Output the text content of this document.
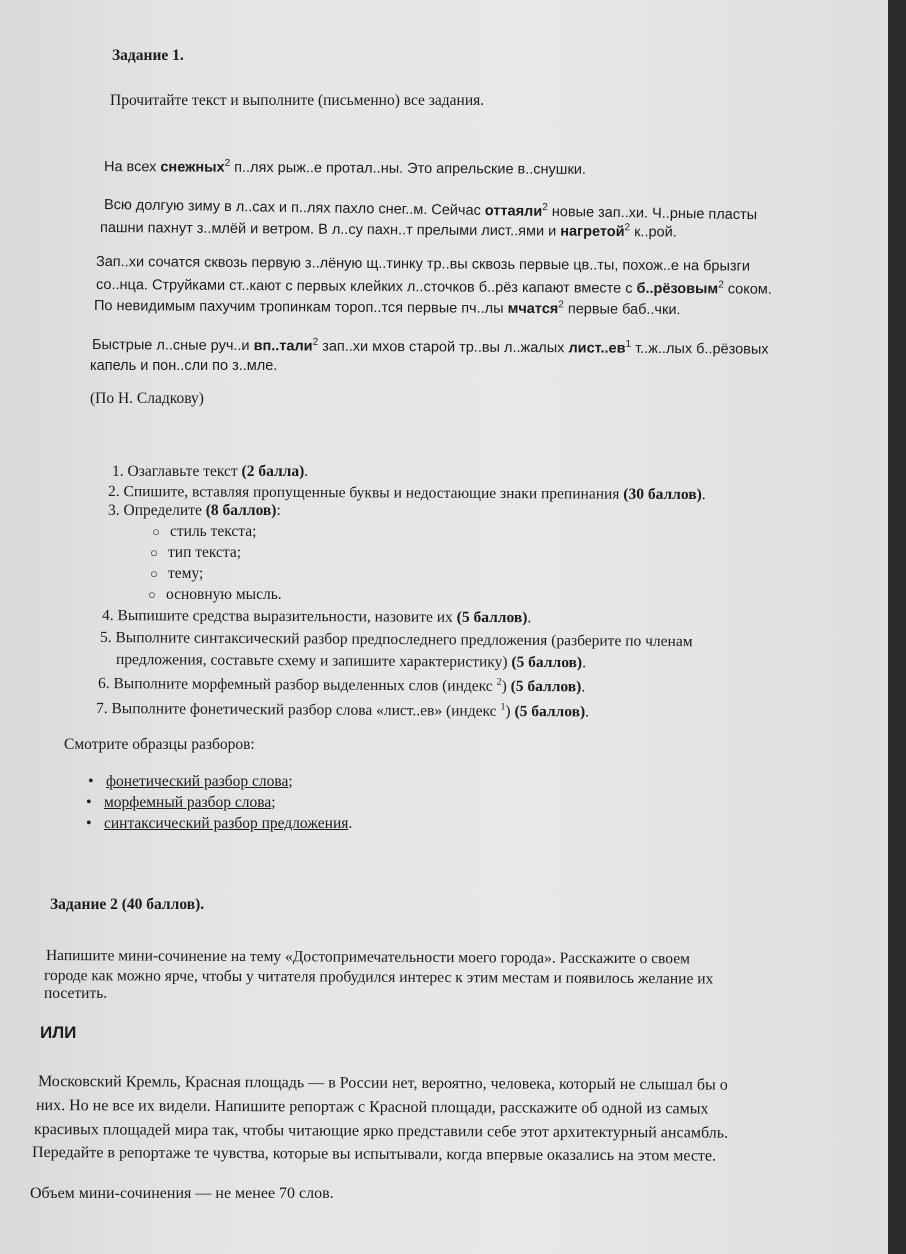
Задание 1.
Прочитайте текст и выполните (письменно) все задания.
На всех снежных$^2$ п..лях рыж..е протал..ны. Это апрельские в..снушки.
Всю долгую зиму в л..сах и п..лях пахло снег..м. Сейчас оттаяли$^2$ новые зап..хи. Ч..рные пласты
пашни пахнут з..млёй и ветром. В л..су пахн..т прелыми лист..ями и нагретой$^2$ к..рой.
Зап..хи сочатся сквозь первую з..лёную щ..тинку тр..вы сквозь первые цв..ты, похож..е на брызги
со..нца. Струйками ст..кают с первых клейких л..сточков б..рёз капают вместе с б..рёзовым$^2$ соком.
По невидимым пахучим тропинкам тороп..тся первые пч..лы мчатся$^2$ первые баб..чки.
Быстрые л..сные руч..и вп..тали$^2$ зап..хи мхов старой тр..вы л..жалых $лист..ев^1$ т..ж..лых б..рёзовых
капель и пон..сли по з..мле.
(По Н. Сладкову)
1. Озаглавьте текст (2 балла).
2. Спишите, вставляя пропущенные буквы и недостающие знаки препинания (30 баллов).
3. Определите (8 баллов):
○ стиль текста;
○ тип текста;
○ тему;
○ основную мысль.
4. Выпишите средства выразительности, назовите их (5 баллов).
5. Выполните синтаксический разбор предпоследнего предложения (разберите по членам
предложения, составьте схему и запишите характеристику) (5 баллов).
6. Выполните морфемный разбор выделенных слов (индекс $^2$) (5 баллов).
7. Выполните фонетический разбор слова «лист..ев» (индекс $^1$) (5 баллов).
Смотрите образцы разборов:
• фонетический разбор слова;
• морфемный разбор слова;
• синтаксический разбор предложения.
Задание 2 (40 баллов).
Напишите мини-сочинение на тему «Достопримечательности моего города». Расскажите о своем
городе как можно ярче, чтобы у читателя пробудился интерес к этим местам и появилось желание их
посетить.
ИЛИ
Московский Кремль, Красная площадь — в России нет, вероятно, человека, который не слышал бы о
них. Но не все их видели. Напишите репортаж с Красной площади, расскажите об одной из самых
красивых площадей мира так, чтобы читающие ярко представили себе этот архитектурный ансамбль.
Передайте в репортаже те чувства, которые вы испытывали, когда впервые оказались на этом месте.
Объем мини-сочинения — не менее 70 слов.
